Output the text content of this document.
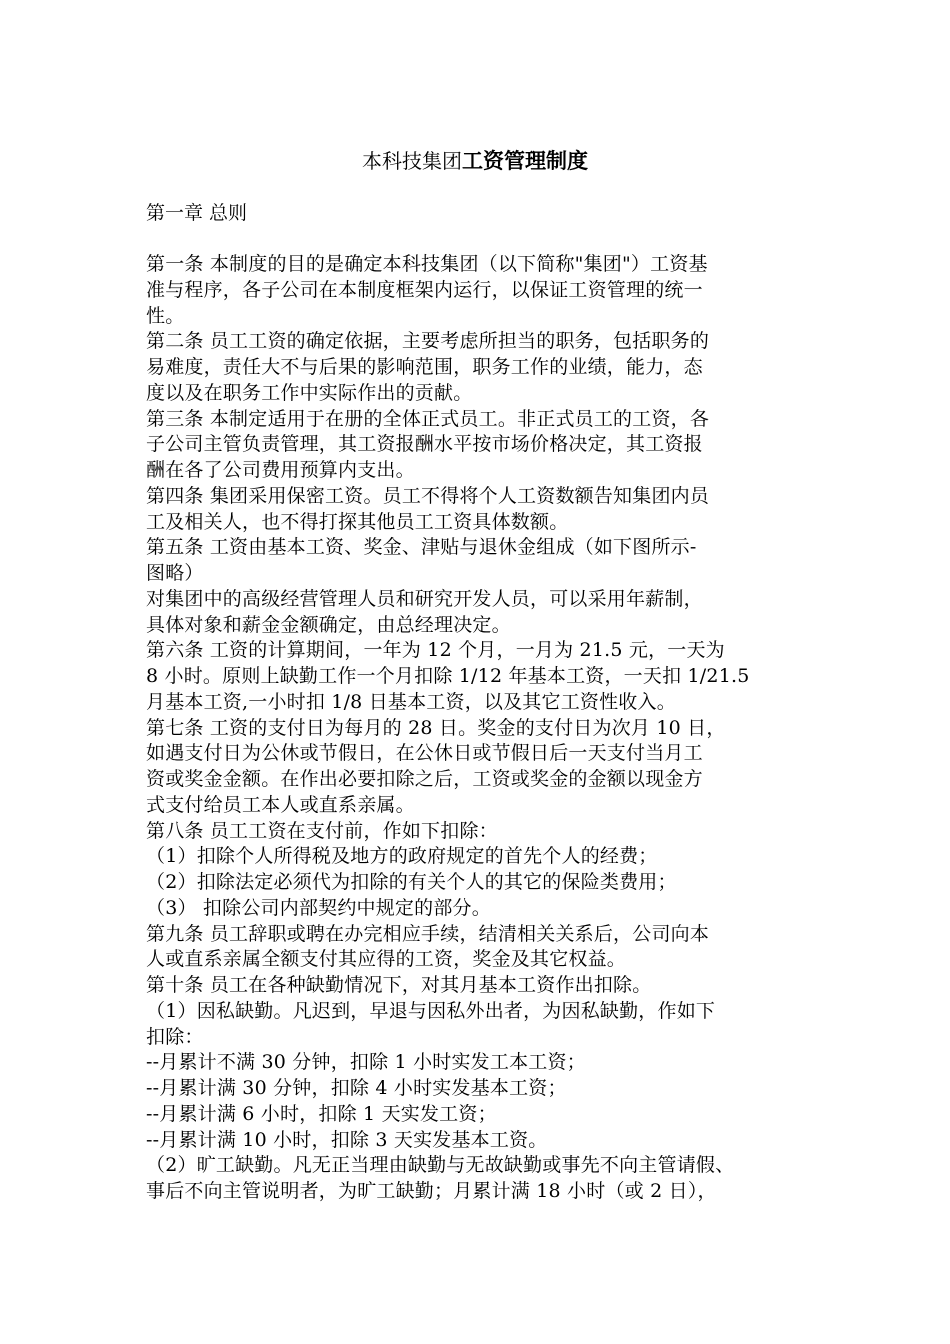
本科技集团工资管理制度
第一章 总则
第一条 本制度的目的是确定本科技集团（以下简称"集团"）工资基
准与程序，各子公司在本制度框架内运行，以保证工资管理的统一
性。
第二条 员工工资的确定依据，主要考虑所担当的职务，包括职务的
易难度，责任大不与后果的影响范围，职务工作的业绩，能力，态
度以及在职务工作中实际作出的贡献。
第三条 本制定适用于在册的全体正式员工。非正式员工的工资，各
子公司主管负责管理，其工资报酬水平按市场价格决定，其工资报
酬在各了公司费用预算内支出。
第四条 集团采用保密工资。员工不得将个人工资数额告知集团内员
工及相关人，也不得打探其他员工工资具体数额。
第五条 工资由基本工资、奖金、津贴与退休金组成（如下图所示-
图略）
对集团中的高级经营管理人员和研究开发人员，可以采用年薪制，
具体对象和薪金金额确定，由总经理决定。
第六条 工资的计算期间，一年为 12 个月，一月为 21.5 元，一天为
8 小时。原则上缺勤工作一个月扣除 1/12 年基本工资，一天扣 1/21.5
月基本工资,一小时扣 1/8 日基本工资，以及其它工资性收入。
第七条 工资的支付日为每月的 28 日。奖金的支付日为次月 10 日，
如遇支付日为公休或节假日，在公休日或节假日后一天支付当月工
资或奖金金额。在作出必要扣除之后，工资或奖金的金额以现金方
式支付给员工本人或直系亲属。
第八条 员工工资在支付前，作如下扣除：
（1）扣除个人所得税及地方的政府规定的首先个人的经费；
（2）扣除法定必须代为扣除的有关个人的其它的保险类费用；
（3） 扣除公司内部契约中规定的部分。
第九条 员工辞职或聘在办完相应手续，结清相关关系后，公司向本
人或直系亲属全额支付其应得的工资，奖金及其它权益。
第十条 员工在各种缺勤情况下，对其月基本工资作出扣除。
（1）因私缺勤。凡迟到，早退与因私外出者，为因私缺勤，作如下
扣除：
--月累计不满 30 分钟，扣除 1 小时实发工本工资；
--月累计满 30 分钟，扣除 4 小时实发基本工资；
--月累计满 6 小时，扣除 1 天实发工资；
--月累计满 10 小时，扣除 3 天实发基本工资。
（2）旷工缺勤。凡无正当理由缺勤与无故缺勤或事先不向主管请假、
事后不向主管说明者，为旷工缺勤；月累计满 18 小时（或 2 日），
